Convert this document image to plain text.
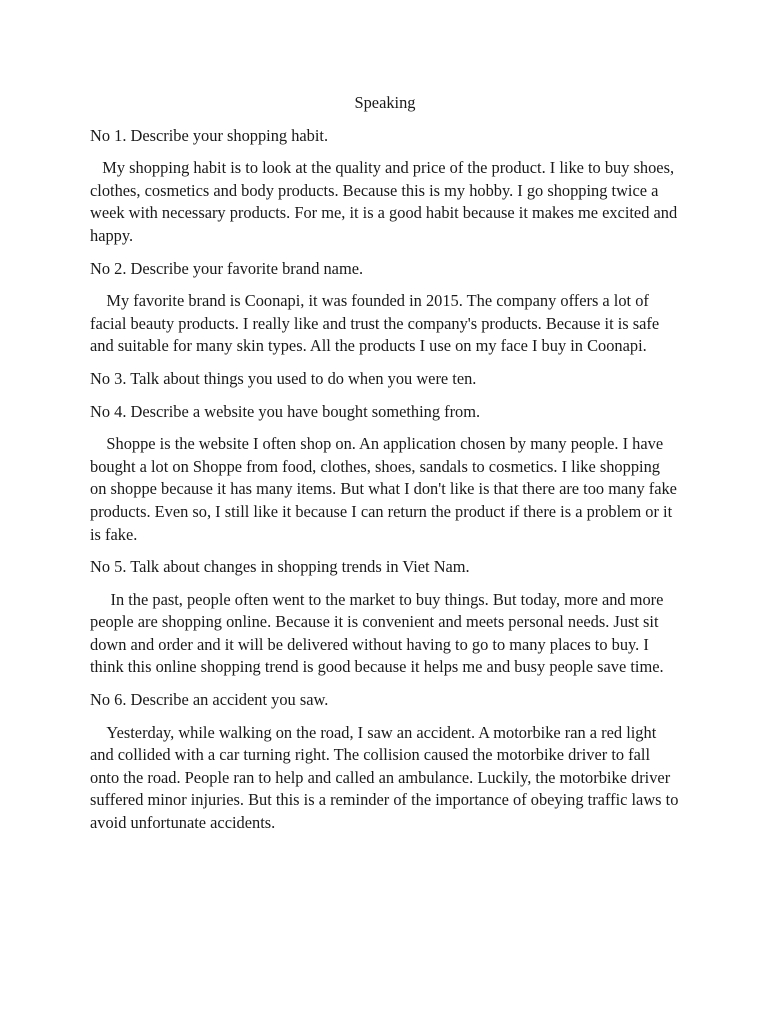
Speaking

No 1. Describe your shopping habit.

My shopping habit is to look at the quality and price of the product. I like to buy shoes, clothes, cosmetics and body products. Because this is my hobby. I go shopping twice a week with necessary products. For me, it is a good habit because it makes me excited and happy.

No 2. Describe your favorite brand name.

My favorite brand is Coonapi, it was founded in 2015. The company offers a lot of facial beauty products. I really like and trust the company's products. Because it is safe and suitable for many skin types. All the products I use on my face I buy in Coonapi.

No 3. Talk about things you used to do when you were ten.

No 4. Describe a website you have bought something from.

Shoppe is the website I often shop on. An application chosen by many people. I have bought a lot on Shoppe from food, clothes, shoes, sandals to cosmetics. I like shopping on shoppe because it has many items. But what I don't like is that there are too many fake products. Even so, I still like it because I can return the product if there is a problem or it is fake.

No 5. Talk about changes in shopping trends in Viet Nam.

In the past, people often went to the market to buy things. But today, more and more people are shopping online. Because it is convenient and meets personal needs. Just sit down and order and it will be delivered without having to go to many places to buy. I think this online shopping trend is good because it helps me and busy people save time.

No 6. Describe an accident you saw.

Yesterday, while walking on the road, I saw an accident. A motorbike ran a red light and collided with a car turning right. The collision caused the motorbike driver to fall onto the road. People ran to help and called an ambulance. Luckily, the motorbike driver suffered minor injuries. But this is a reminder of the importance of obeying traffic laws to avoid unfortunate accidents.
